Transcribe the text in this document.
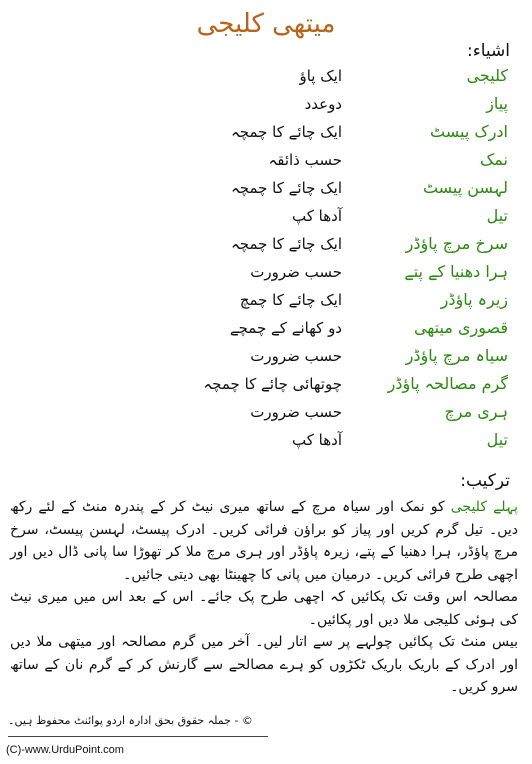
میتھی کلیجی
اشیاء:
کلیجی
ایک پاؤ
پیاز
دوعدد
ادرک پیسٹ
ایک چائے کا چمچہ
نمک
حسب ذائقہ
لہسن پیسٹ
ایک چائے کا چمچہ
تیل
آدھا کپ
سرخ مرچ پاؤڈر
ایک چائے کا چمچہ
ہرا دھنیا کے پتے
حسب ضرورت
زیرہ پاؤڈر
ایک چائے کا چمچ
قصوری میتھی
دو کھانے کے چمچے
سیاہ مرچ پاؤڈر
حسب ضرورت
گرم مصالحہ پاؤڈر
چوتھائی چائے کا چمچہ
ہری مرچ
حسب ضرورت
تیل
آدھا کپ
ترکیب:

پہلے کلیجی کو نمک اور سیاہ مرچ کے ساتھ میری نیٹ کر کے پندرہ منٹ کے لئے رکھ دیں۔ تیل گرم کریں اور پیاز کو براؤن فرائی کریں۔ ادرک پیسٹ، لہسن پیسٹ، سرخ مرچ پاؤڈر، ہرا دھنیا کے پتے، زیرہ پاؤڈر اور ہری مرچ ملا کر تھوڑا سا پانی ڈال دیں اور اچھی طرح فرائی کریں۔ درمیان میں پانی کا چھینٹا بھی دیتی جائیں۔

مصالحہ اس وقت تک پکائیں کہ اچھی طرح پک جائے۔ اس کے بعد اس میں میری نیٹ کی ہوئی کلیجی ملا دیں اور پکائیں۔

بیس منٹ تک پکائیں چولہے پر سے اتار لیں۔ آخر میں گرم مصالحہ اور میتھی ملا دیں اور ادرک کے باریک باریک ٹکڑوں کو ہرے مصالحے سے گارنش کر کے گرم نان کے ساتھ سرو کریں۔

© - جملہ حقوق بحق ادارہ اردو پوائنٹ محفوظ ہیں۔
(C)-www.UrduPoint.com
